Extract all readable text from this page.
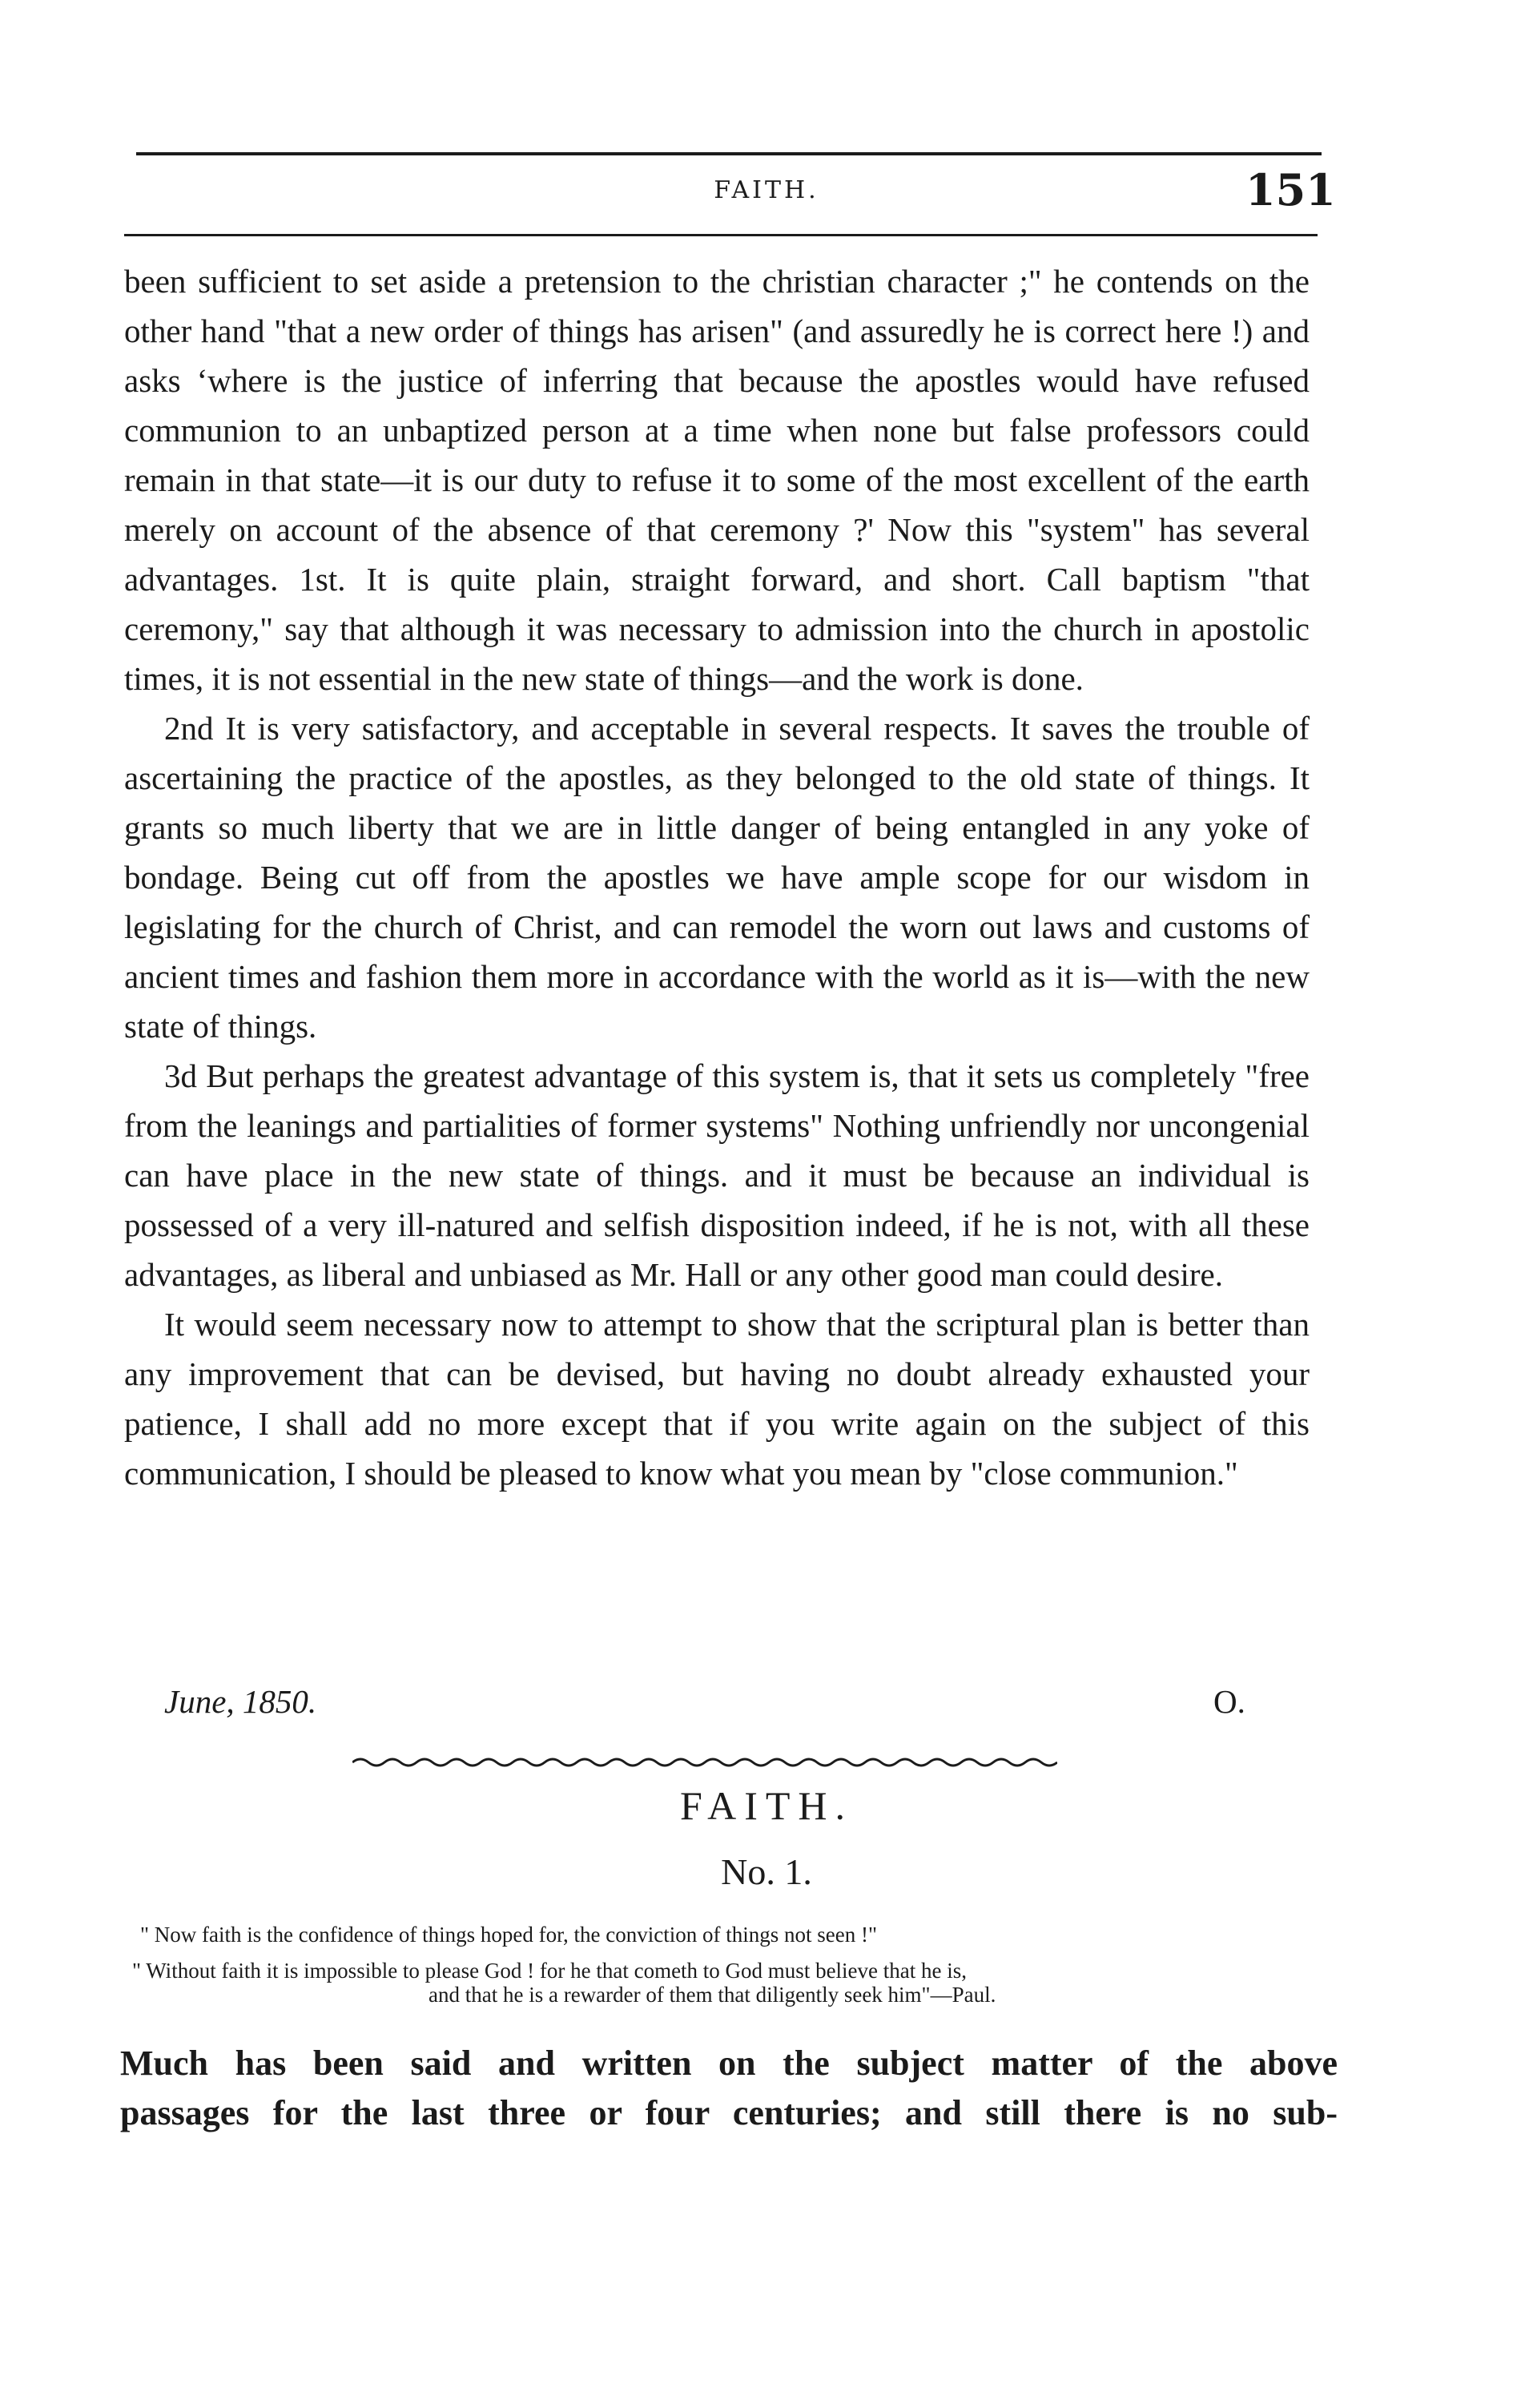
FAITH.	151

been sufficient to set aside a pretension to the christian character ;" he contends on the other hand "that a new order of things has arisen" (and assuredly he is correct here !) and asks ‘where is the justice of inferring that because the apostles would have refused communion to an unbaptized person at a time when none but false professors could remain in that state—it is our duty to refuse it to some of the most excellent of the earth merely on account of the absence of that ceremony ?' Now this "system" has several advantages. 1st. It is quite plain, straight forward, and short. Call baptism "that ceremony," say that although it was necessary to admission into the church in apostolic times, it is not essential in the new state of things—and the work is done.

2nd It is very satisfactory, and acceptable in several respects. It saves the trouble of ascertaining the practice of the apostles, as they belonged to the old state of things. It grants so much liberty that we are in little danger of being entangled in any yoke of bondage. Being cut off from the apostles we have ample scope for our wisdom in legislating for the church of Christ, and can remodel the worn out laws and customs of ancient times and fashion them more in accordance with the world as it is—with the new state of things.

3d But perhaps the greatest advantage of this system is, that it sets us completely "free from the leanings and partialities of former systems" Nothing unfriendly nor uncongenial can have place in the new state of things. and it must be because an individual is possessed of a very ill-natured and selfish disposition indeed, if he is not, with all these advantages, as liberal and unbiased as Mr. Hall or any other good man could desire.

It would seem necessary now to attempt to show that the scriptural plan is better than any improvement that can be devised, but having no doubt already exhausted your patience, I shall add no more except that if you write again on the subject of this communication, I should be pleased to know what you mean by "close communion."

June, 1850.	O.
FAITH.
No. 1.
" Now faith is the confidence of things hoped for, the conviction of things not seen !"
" Without faith it is impossible to please God ! for he that cometh to God must believe that he is,
and that he is a rewarder of them that diligently seek him"—Paul.

Much has been said and written on the subject matter of the above

passages for the last three or four centuries; and still there is no sub-
